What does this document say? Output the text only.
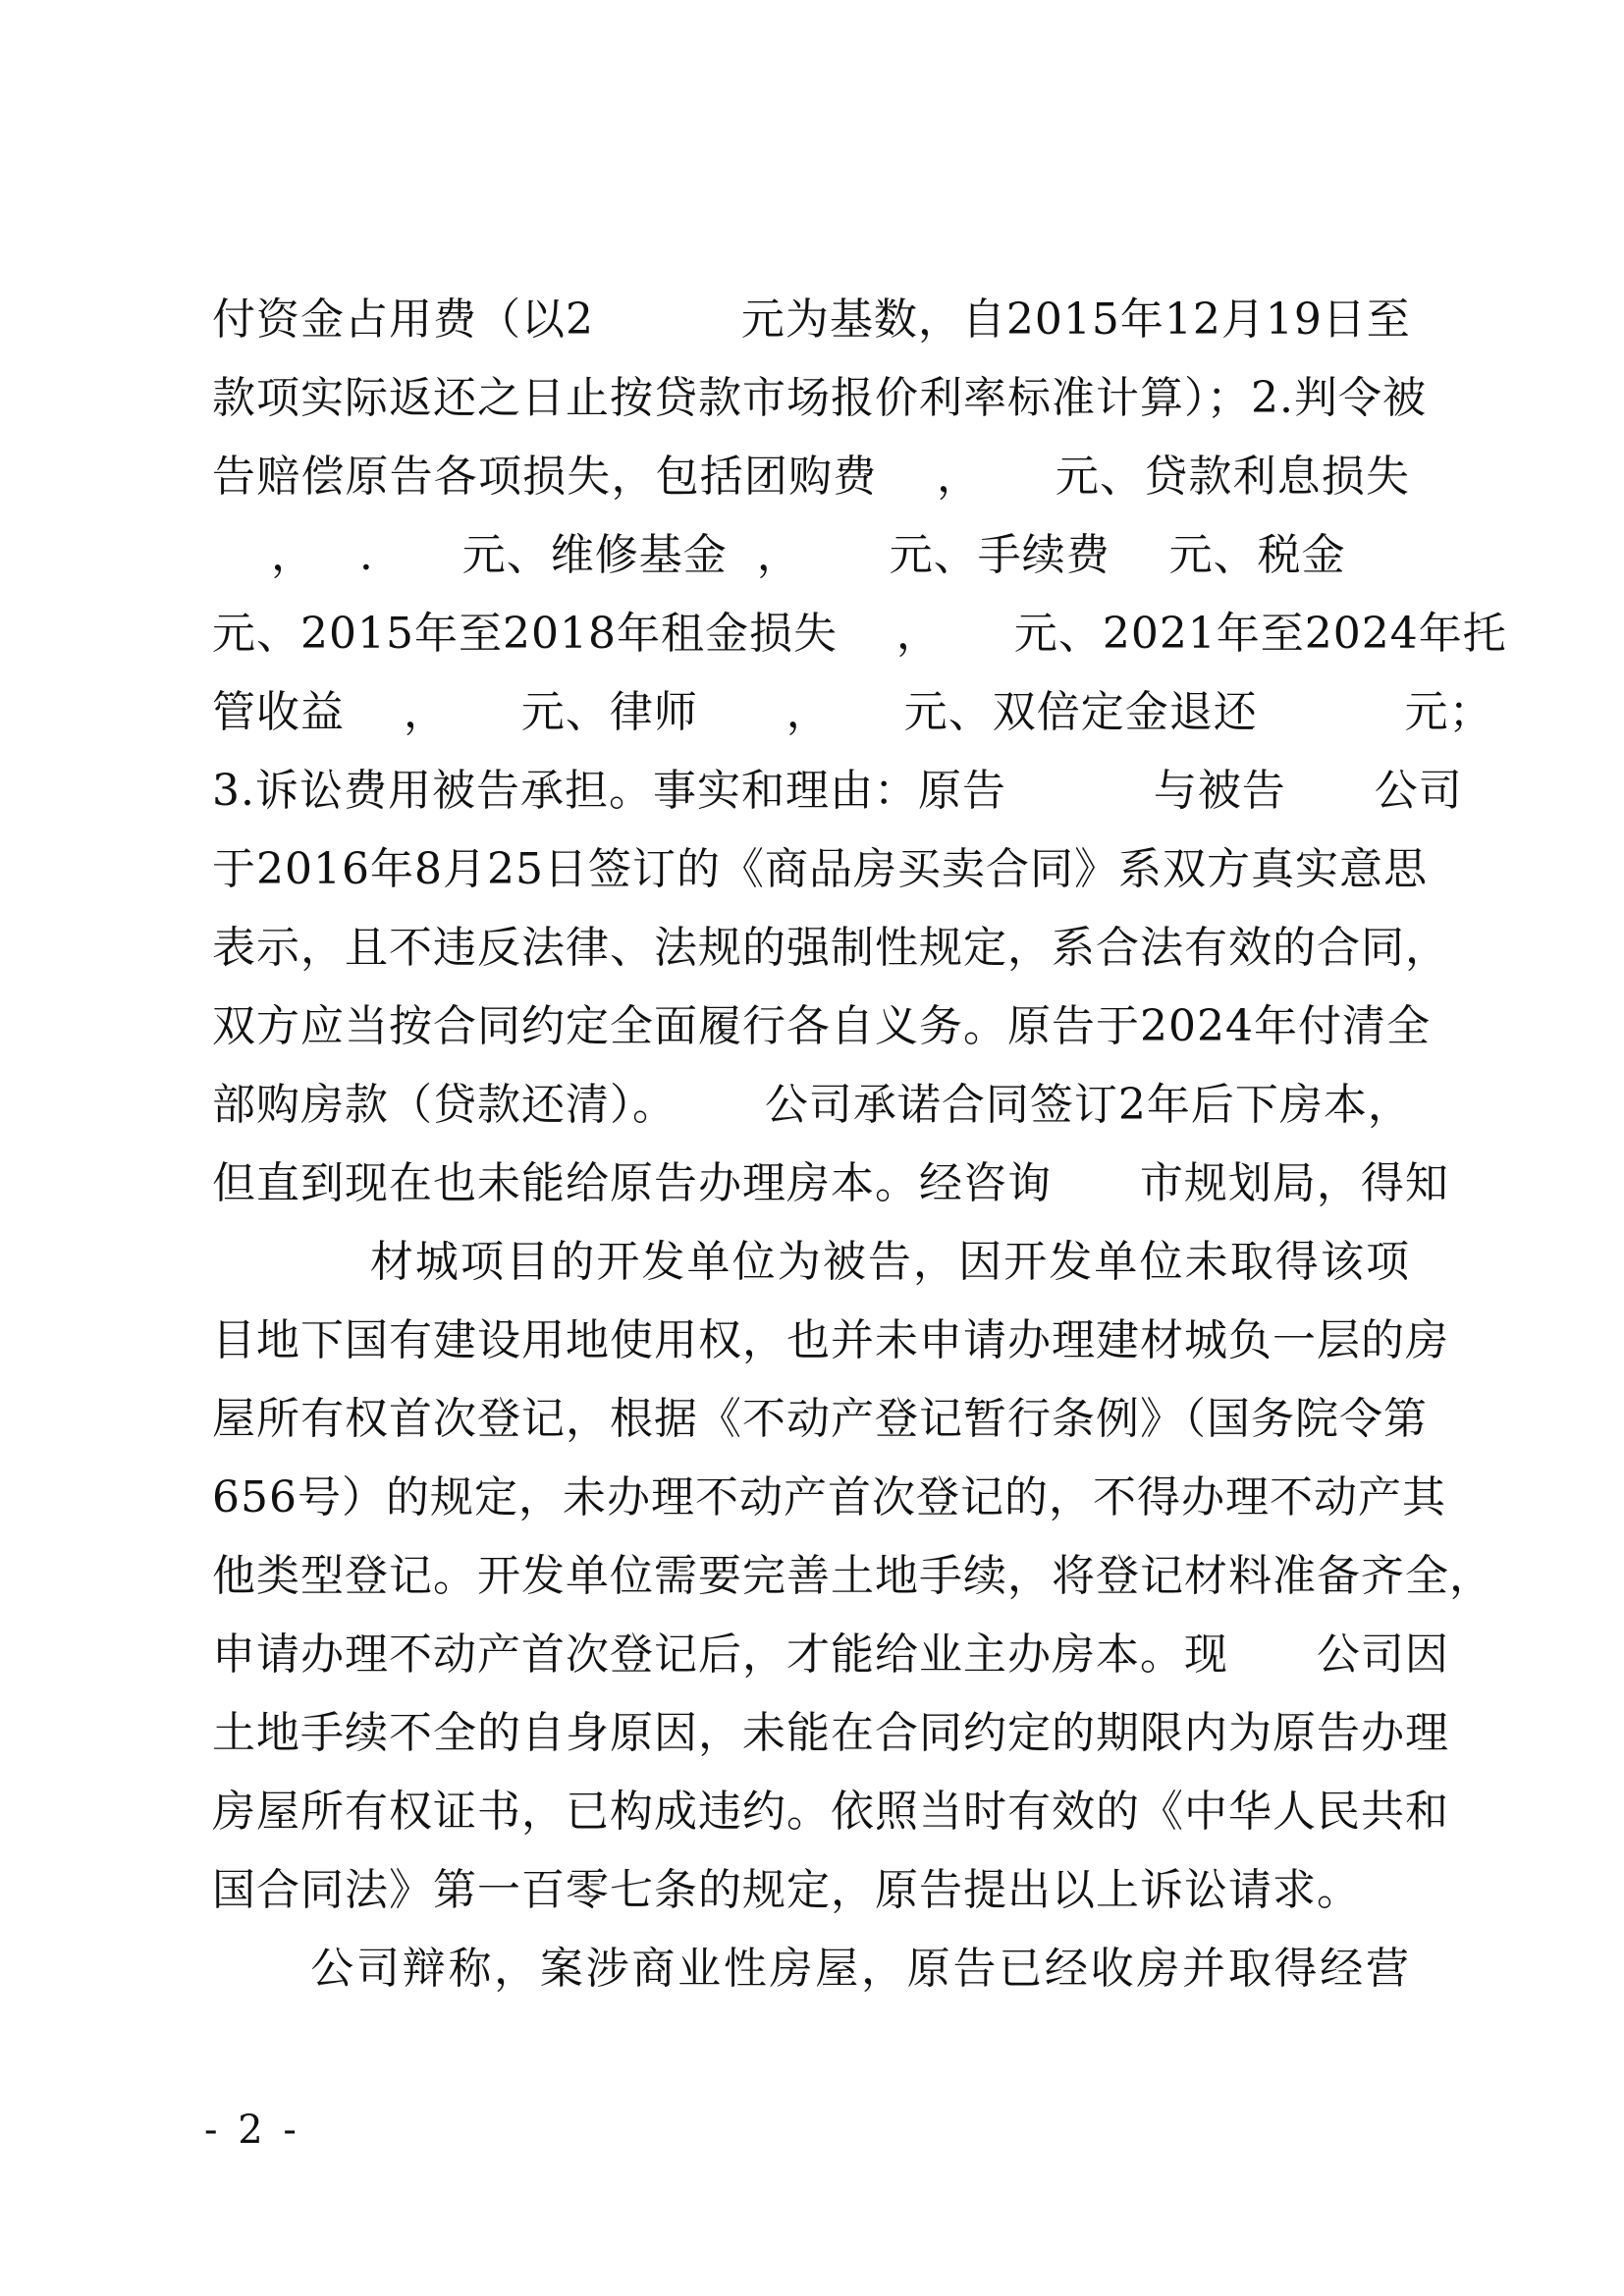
付资金占用费（以2          元为基数，自2015年12月19日至
款项实际返还之日止按贷款市场报价利率标准计算）；2.判令被
告赔偿原告各项损失，包括团购费    ，     元、贷款利息损失
，   .      元、维修基金  ，      元、手续费    元、税金
元、2015年至2018年租金损失    ，     元、2021年至2024年托
管收益    ，     元、律师      ，     元、双倍定金退还          元；
3.诉讼费用被告承担。事实和理由：原告          与被告      公司
于2016年8月25日签订的《商品房买卖合同》系双方真实意思
表示，且不违反法律、法规的强制性规定，系合法有效的合同，
双方应当按合同约定全面履行各自义务。原告于2024年付清全
部购房款（贷款还清）。      公司承诺合同签订2年后下房本，
但直到现在也未能给原告办理房本。经咨询      市规划局，得知
材城项目的开发单位为被告，因开发单位未取得该项
目地下国有建设用地使用权，也并未申请办理建材城负一层的房
屋所有权首次登记，根据《不动产登记暂行条例》（国务院令第
656号）的规定，未办理不动产首次登记的，不得办理不动产其
他类型登记。开发单位需要完善土地手续，将登记材料准备齐全，
申请办理不动产首次登记后，才能给业主办房本。现      公司因
土地手续不全的自身原因，未能在合同约定的期限内为原告办理
房屋所有权证书，已构成违约。依照当时有效的《中华人民共和
国合同法》第一百零七条的规定，原告提出以上诉讼请求。
公司辩称，案涉商业性房屋，原告已经收房并取得经营
- 2 -
